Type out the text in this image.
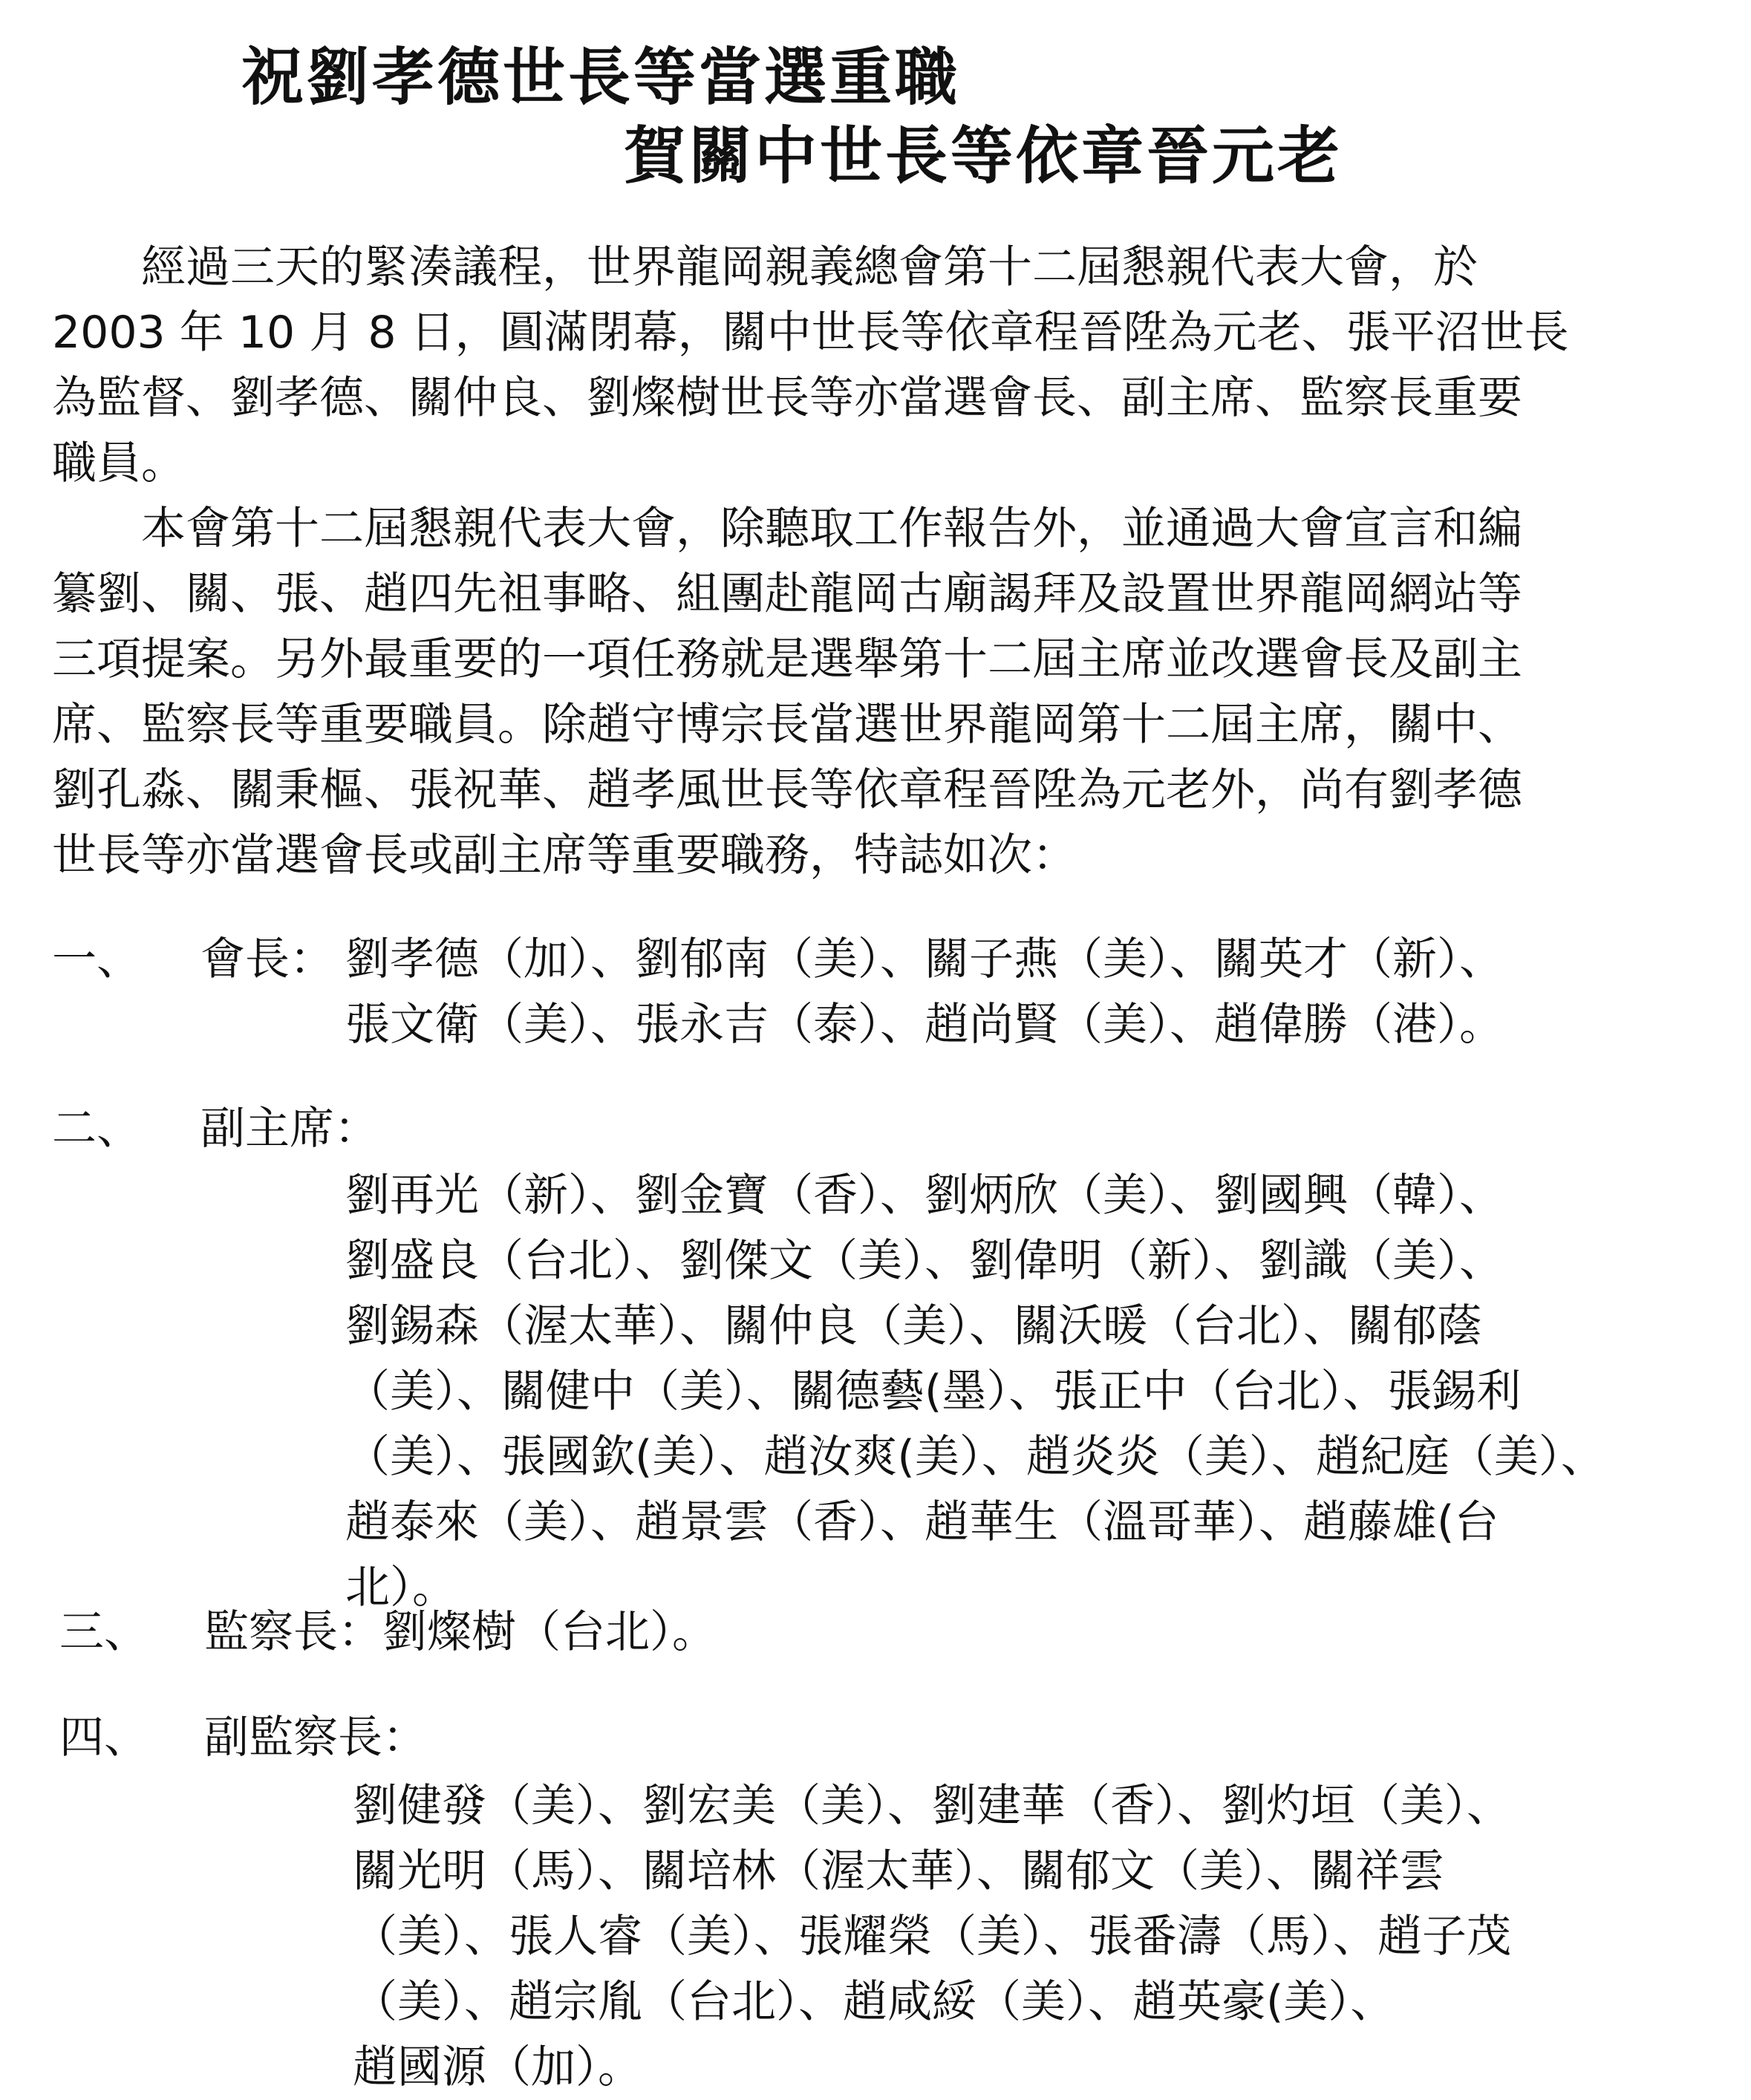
祝劉孝德世長等當選重職
賀關中世長等依章晉元老

　　經過三天的緊湊議程，世界龍岡親義總會第十二屆懇親代表大會，於

2003 年 10 月 8 日，圓滿閉幕，關中世長等依章程晉陞為元老、張平沼世長

為監督、劉孝德、關仲良、劉燦樹世長等亦當選會長、副主席、監察長重要

職員。

　　本會第十二屆懇親代表大會，除聽取工作報告外，並通過大會宣言和編

纂劉、關、張、趙四先祖事略、組團赴龍岡古廟謁拜及設置世界龍岡網站等

三項提案。另外最重要的一項任務就是選舉第十二屆主席並改選會長及副主

席、監察長等重要職員。除趙守博宗長當選世界龍岡第十二屆主席，關中、

劉孔淼、關秉樞、張祝華、趙孝風世長等依章程晉陞為元老外，尚有劉孝德

世長等亦當選會長或副主席等重要職務，特誌如次：

一、 會長： 劉孝德（加）、劉郁南（美）、關子燕（美）、關英才（新）、
張文衛（美）、張永吉（泰）、趙尚賢（美）、趙偉勝（港）。

二、 副主席：

劉再光（新）、劉金寶（香）、劉炳欣（美）、劉國興（韓）、
劉盛良（台北）、劉傑文（美）、劉偉明（新）、劉識（美）、
劉錫森（渥太華）、關仲良（美）、關沃暖（台北）、關郁蔭
（美）、關健中（美）、關德藝(墨）、張正中（台北）、張錫利
（美）、張國欽(美）、趙汝爽(美）、趙炎炎（美）、趙紀庭（美）、
趙泰來（美）、趙景雲（香）、趙華生（溫哥華）、趙藤雄(台
北）。

三、 監察長：劉燦樹（台北）。

四、 副監察長：

劉健發（美）、劉宏美（美）、劉建華（香）、劉灼垣（美）、
關光明（馬）、關培林（渥太華）、關郁文（美）、關祥雲
（美）、張人睿（美）、張耀榮（美）、張番濤（馬）、趙子茂
（美）、趙宗胤（台北）、趙咸綏（美）、趙英豪(美）、
趙國源（加）。
